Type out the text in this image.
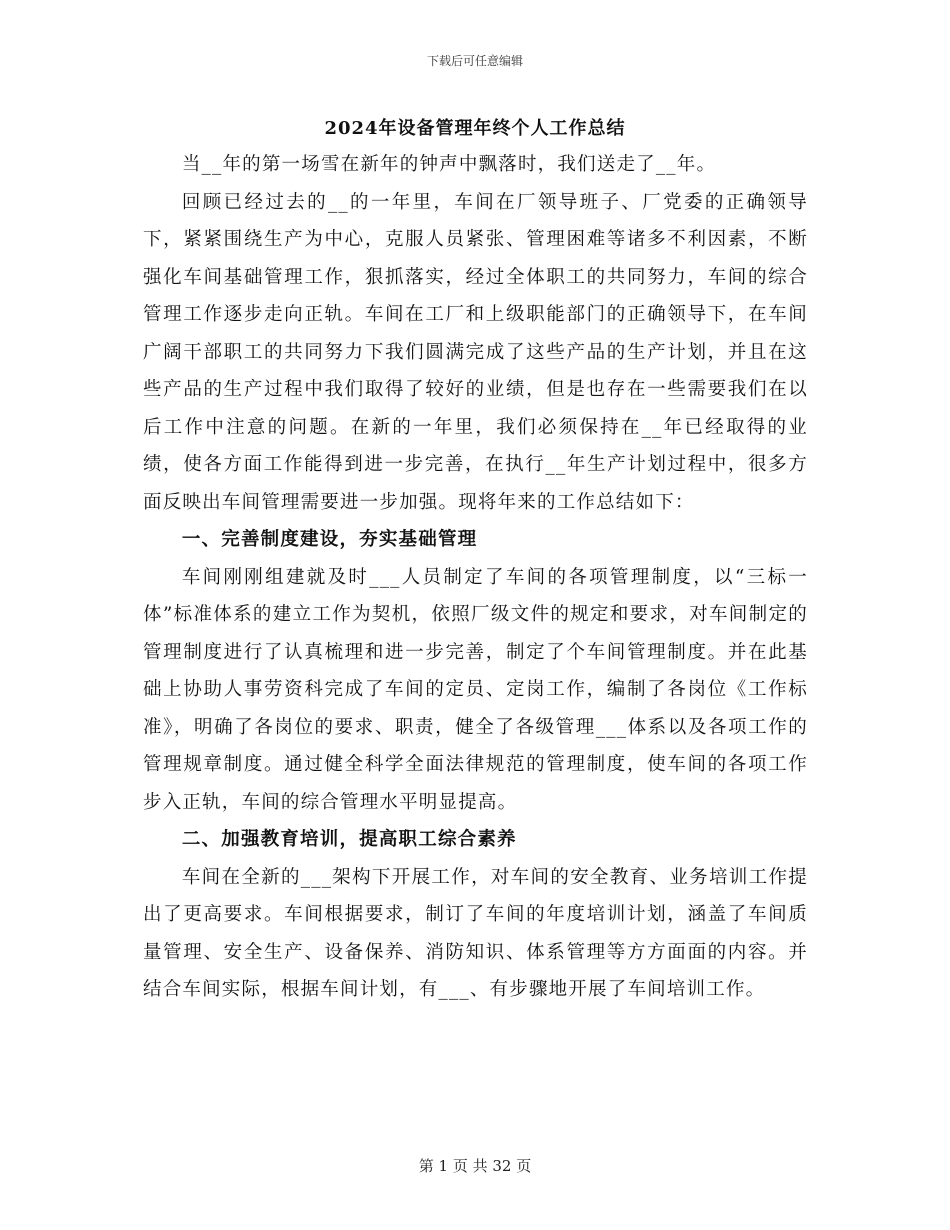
下载后可任意编辑
2024年设备管理年终个人工作总结

当__年的第一场雪在新年的钟声中飘落时，我们送走了__年。

回顾已经过去的__的一年里，车间在厂领导班子、厂党委的正确领导下，紧紧围绕生产为中心，克服人员紧张、管理困难等诸多不利因素，不断强化车间基础管理工作，狠抓落实，经过全体职工的共同努力，车间的综合管理工作逐步走向正轨。车间在工厂和上级职能部门的正确领导下，在车间广阔干部职工的共同努力下我们圆满完成了这些产品的生产计划，并且在这些产品的生产过程中我们取得了较好的业绩，但是也存在一些需要我们在以后工作中注意的问题。在新的一年里，我们必须保持在__年已经取得的业绩，使各方面工作能得到进一步完善，在执行__年生产计划过程中，很多方面反映出车间管理需要进一步加强。现将年来的工作总结如下：

一、完善制度建设，夯实基础管理

车间刚刚组建就及时___人员制定了车间的各项管理制度，以“三标一体”标准体系的建立工作为契机，依照厂级文件的规定和要求，对车间制定的管理制度进行了认真梳理和进一步完善，制定了个车间管理制度。并在此基础上协助人事劳资科完成了车间的定员、定岗工作，编制了各岗位《工作标准》，明确了各岗位的要求、职责，健全了各级管理___体系以及各项工作的管理规章制度。通过健全科学全面法律规范的管理制度，使车间的各项工作步入正轨，车间的综合管理水平明显提高。

二、加强教育培训，提高职工综合素养

车间在全新的___架构下开展工作，对车间的安全教育、业务培训工作提出了更高要求。车间根据要求，制订了车间的年度培训计划，涵盖了车间质量管理、安全生产、设备保养、消防知识、体系管理等方方面面的内容。并结合车间实际，根据车间计划，有___、有步骤地开展了车间培训工作。

第 1 页 共 32 页
